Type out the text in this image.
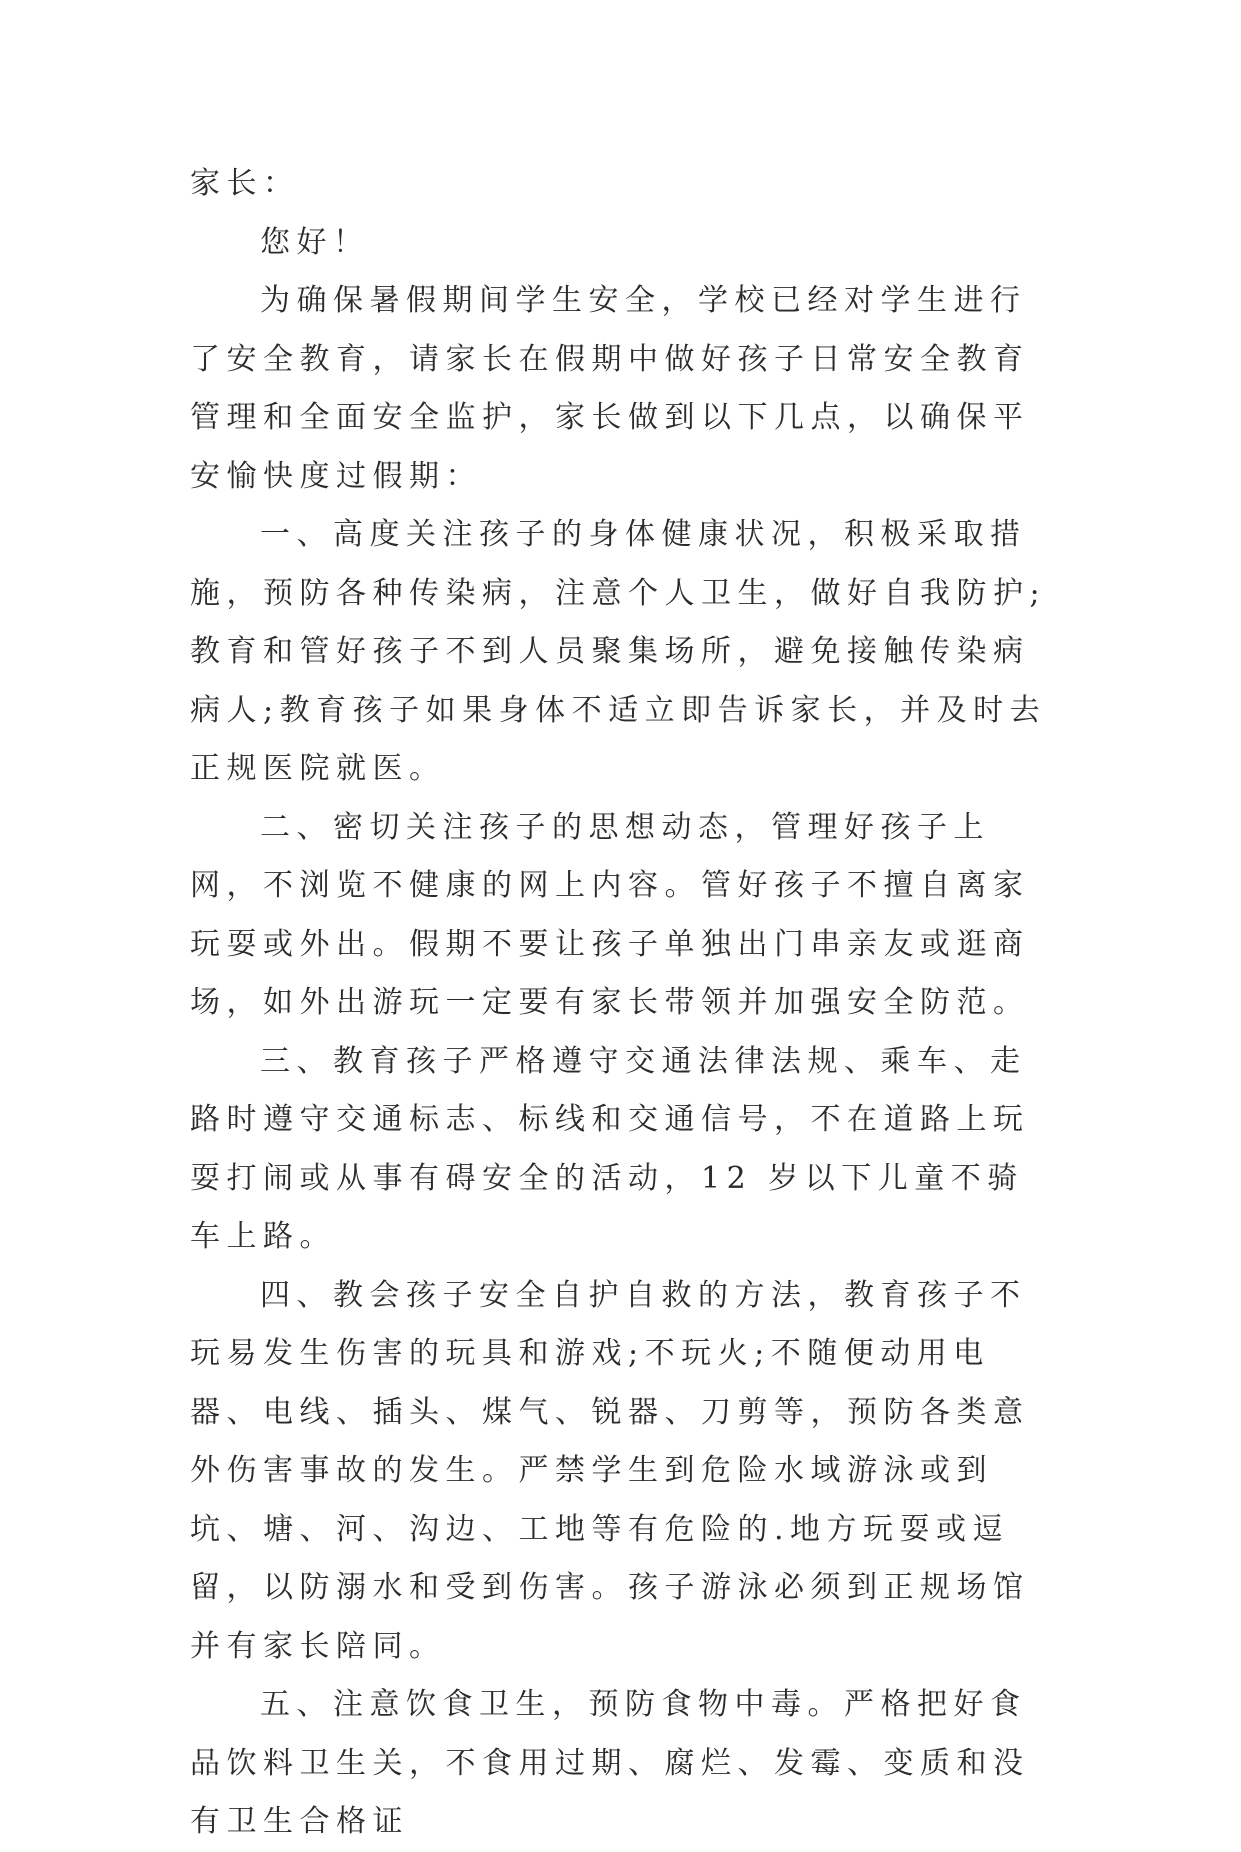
家长：

您好！

为确保暑假期间学生安全，学校已经对学生进行了安全教育，请家长在假期中做好孩子日常安全教育管理和全面安全监护，家长做到以下几点，以确保平安愉快度过假期：

一、高度关注孩子的身体健康状况，积极采取措施，预防各种传染病，注意个人卫生，做好自我防护;教育和管好孩子不到人员聚集场所，避免接触传染病病人;教育孩子如果身体不适立即告诉家长，并及时去正规医院就医。

二、密切关注孩子的思想动态，管理好孩子上网，不浏览不健康的网上内容。管好孩子不擅自离家玩耍或外出。假期不要让孩子单独出门串亲友或逛商场，如外出游玩一定要有家长带领并加强安全防范。

三、教育孩子严格遵守交通法律法规、乘车、走路时遵守交通标志、标线和交通信号，不在道路上玩耍打闹或从事有碍安全的活动，12 岁以下儿童不骑车上路。

四、教会孩子安全自护自救的方法，教育孩子不玩易发生伤害的玩具和游戏;不玩火;不随便动用电器、电线、插头、煤气、锐器、刀剪等，预防各类意外伤害事故的发生。严禁学生到危险水域游泳或到坑、塘、河、沟边、工地等有危险的.地方玩耍或逗留，以防溺水和受到伤害。孩子游泳必须到正规场馆并有家长陪同。

五、注意饮食卫生，预防食物中毒。严格把好食品饮料卫生关，不食用过期、腐烂、发霉、变质和没有卫生合格证
